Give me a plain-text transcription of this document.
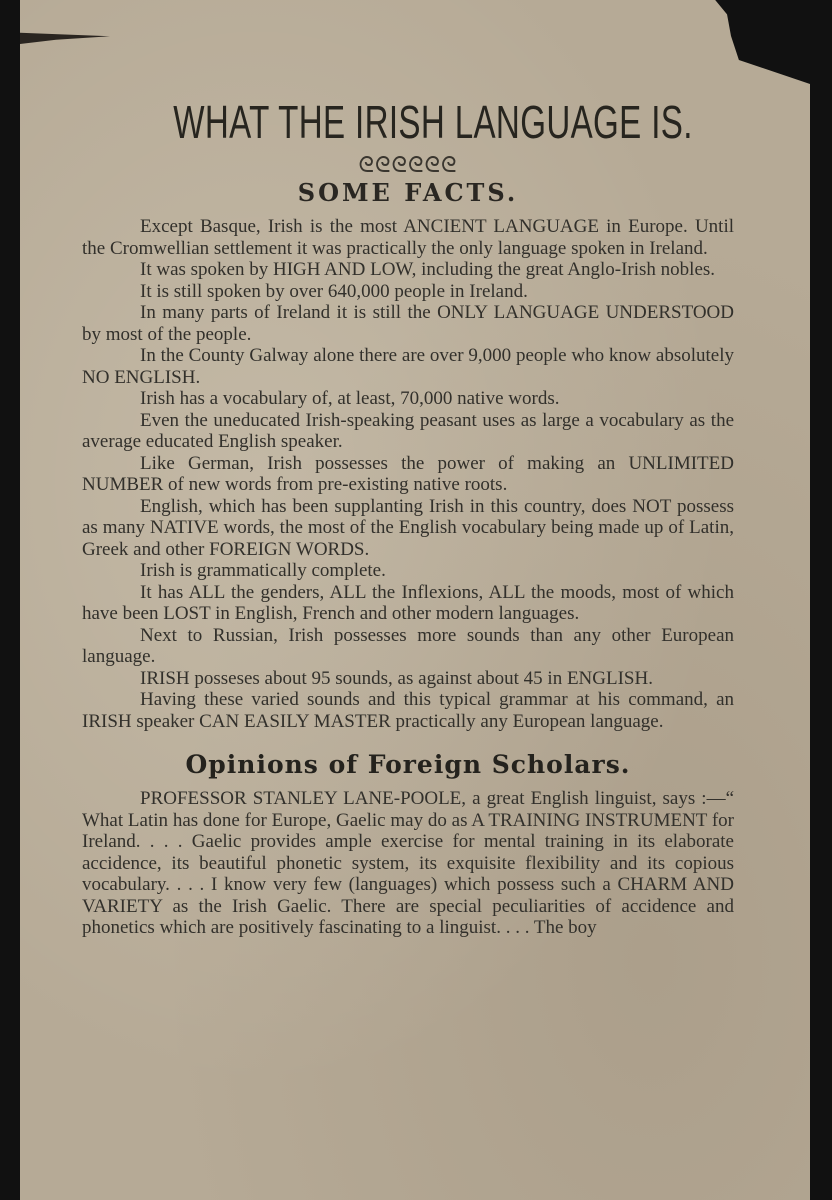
WHAT THE IRISH LANGUAGE IS.
ᘓᘓᘓᘓᘓᘓ
SOME FACTS.

Except Basque, Irish is the most ANCIENT LANGUAGE in Europe. Until the Cromwellian settlement it was practically the only language spoken in Ireland.

It was spoken by HIGH AND LOW, including the great Anglo-Irish nobles.

It is still spoken by over 640,000 people in Ireland.

In many parts of Ireland it is still the ONLY LANGUAGE UNDERSTOOD by most of the people.

In the County Galway alone there are over 9,000 people who know absolutely NO ENGLISH.

Irish has a vocabulary of, at least, 70,000 native words.

Even the uneducated Irish-speaking peasant uses as large a vocabulary as the average educated English speaker.

Like German, Irish possesses the power of making an UNLIMITED NUMBER of new words from pre-existing native roots.

English, which has been supplanting Irish in this country, does NOT possess as many NATIVE words, the most of the English vocabulary being made up of Latin, Greek and other FOREIGN WORDS.

Irish is grammatically complete.

It has ALL the genders, ALL the Inflexions, ALL the moods, most of which have been LOST in English, French and other modern languages.

Next to Russian, Irish possesses more sounds than any other European language.

IRISH posseses about 95 sounds, as against about 45 in ENGLISH.

Having these varied sounds and this typical grammar at his command, an IRISH speaker CAN EASILY MASTER practically any European language.

Opinions of Foreign Scholars.

PROFESSOR STANLEY LANE-POOLE, a great English linguist, says :—“ What Latin has done for Europe, Gaelic may do as A TRAINING INSTRUMENT for Ireland. . . . Gaelic provides ample exercise for mental training in its elaborate accidence, its beautiful phonetic system, its exquisite flexibility and its copious vocabulary. . . . I know very few (languages) which possess such a CHARM AND VARIETY as the Irish Gaelic. There are special peculiarities of accidence and phonetics which are positively fascinating to a linguist. . . . The boy
